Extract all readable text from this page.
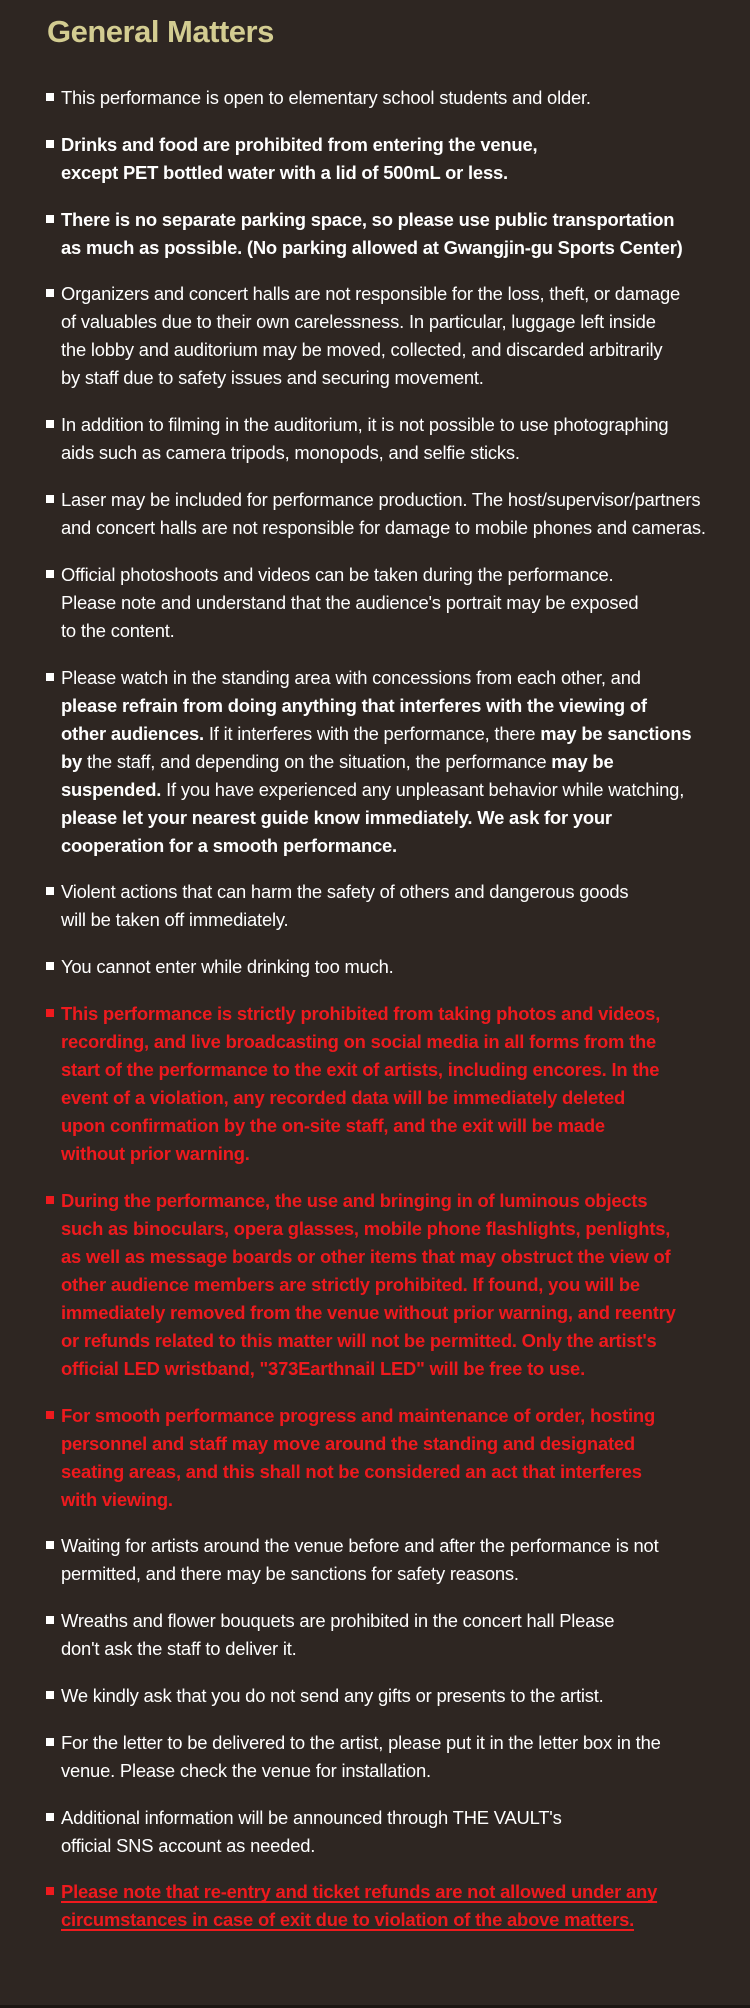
General Matters
This performance is open to elementary school students and older.
Drinks and food are prohibited from entering the venue,
except PET bottled water with a lid of 500mL or less.
There is no separate parking space, so please use public transportation
as much as possible. (No parking allowed at Gwangjin-gu Sports Center)
Organizers and concert halls are not responsible for the loss, theft, or damage
of valuables due to their own carelessness. In particular, luggage left inside
the lobby and auditorium may be moved, collected, and discarded arbitrarily
by staff due to safety issues and securing movement.
In addition to filming in the auditorium, it is not possible to use photographing
aids such as camera tripods, monopods, and selfie sticks.
Laser may be included for performance production. The host/supervisor/partners
and concert halls are not responsible for damage to mobile phones and cameras.
Official photoshoots and videos can be taken during the performance.
Please note and understand that the audience's portrait may be exposed
to the content.
Please watch in the standing area with concessions from each other, and
please refrain from doing anything that interferes with the viewing of
other audiences. If it interferes with the performance, there may be sanctions
by the staff, and depending on the situation, the performance may be
suspended. If you have experienced any unpleasant behavior while watching,
please let your nearest guide know immediately. We ask for your
cooperation for a smooth performance.
Violent actions that can harm the safety of others and dangerous goods
will be taken off immediately.
You cannot enter while drinking too much.
This performance is strictly prohibited from taking photos and videos,
recording, and live broadcasting on social media in all forms from the
start of the performance to the exit of artists, including encores. In the
event of a violation, any recorded data will be immediately deleted
upon confirmation by the on-site staff, and the exit will be made
without prior warning.
During the performance, the use and bringing in of luminous objects
such as binoculars, opera glasses, mobile phone flashlights, penlights,
as well as message boards or other items that may obstruct the view of
other audience members are strictly prohibited. If found, you will be
immediately removed from the venue without prior warning, and reentry
or refunds related to this matter will not be permitted. Only the artist's
official LED wristband, "373Earthnail LED" will be free to use.
For smooth performance progress and maintenance of order, hosting
personnel and staff may move around the standing and designated
seating areas, and this shall not be considered an act that interferes
with viewing.
Waiting for artists around the venue before and after the performance is not
permitted, and there may be sanctions for safety reasons.
Wreaths and flower bouquets are prohibited in the concert hall Please
don't ask the staff to deliver it.
We kindly ask that you do not send any gifts or presents to the artist.
For the letter to be delivered to the artist, please put it in the letter box in the
venue. Please check the venue for installation.
Additional information will be announced through THE VAULT's
official SNS account as needed.
Please note that re-entry and ticket refunds are not allowed under any
circumstances in case of exit due to violation of the above matters.
